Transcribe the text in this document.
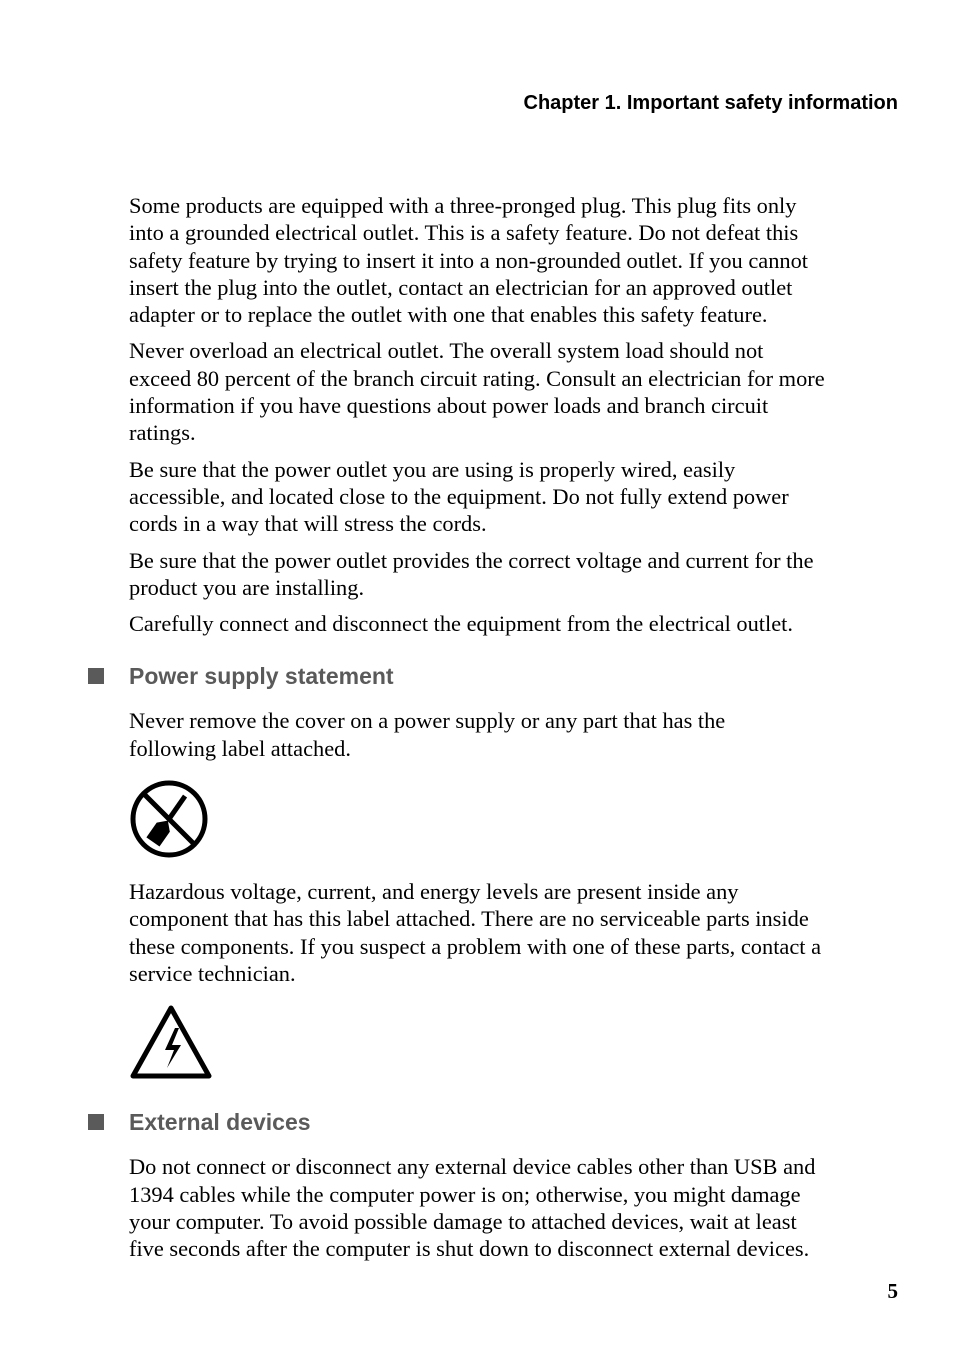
Chapter 1. Important safety information

Some products are equipped with a three-pronged plug. This plug fits only
into a grounded electrical outlet. This is a safety feature. Do not defeat this
safety feature by trying to insert it into a non-grounded outlet. If you cannot
insert the plug into the outlet, contact an electrician for an approved outlet
adapter or to replace the outlet with one that enables this safety feature.

Never overload an electrical outlet. The overall system load should not
exceed 80 percent of the branch circuit rating. Consult an electrician for more
information if you have questions about power loads and branch circuit
ratings.

Be sure that the power outlet you are using is properly wired, easily
accessible, and located close to the equipment. Do not fully extend power
cords in a way that will stress the cords.

Be sure that the power outlet provides the correct voltage and current for the
product you are installing.

Carefully connect and disconnect the equipment from the electrical outlet.

Power supply statement

Never remove the cover on a power supply or any part that has the
following label attached.

Hazardous voltage, current, and energy levels are present inside any
component that has this label attached. There are no serviceable parts inside
these components. If you suspect a problem with one of these parts, contact a
service technician.

External devices

Do not connect or disconnect any external device cables other than USB and
1394 cables while the computer power is on; otherwise, you might damage
your computer. To avoid possible damage to attached devices, wait at least
five seconds after the computer is shut down to disconnect external devices.

5
